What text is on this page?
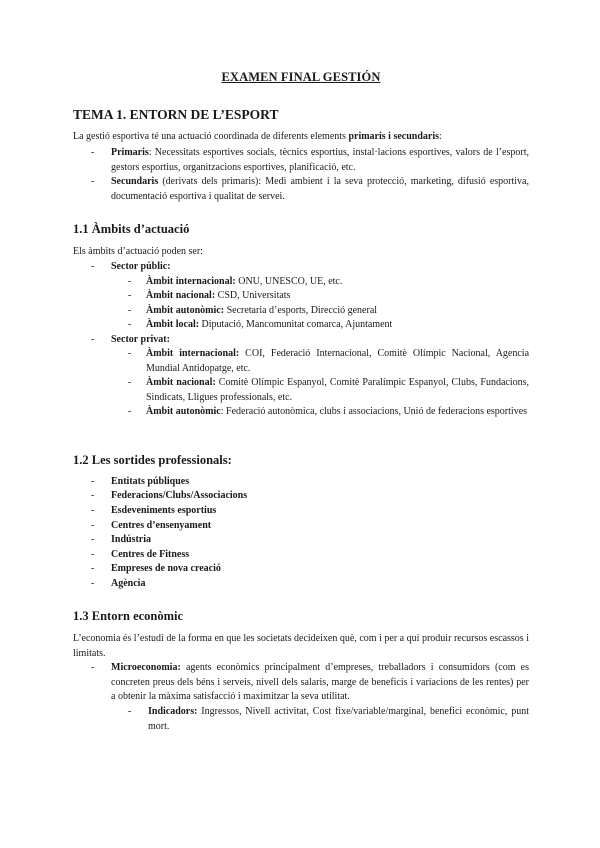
EXAMEN FINAL GESTIÓN
TEMA 1. ENTORN DE L’ESPORT
La gestió esportiva té una actuació coordinada de diferents elements primaris i secundaris:
- Primaris: Necessitats esportives socials, tècnics esportius, instal·lacions esportives, valors de l’esport, gestors esportius, organitzacions esportives, planificació, etc.
- Secundaris (derivats dels primaris): Medi ambient i la seva protecció, marketing, difusió esportiva, documentació esportiva i qualitat de servei.
1.1 Àmbits d’actuació
Els àmbits d’actuació poden ser:
- Sector públic:
- Àmbit internacional: ONU, UNESCO, UE, etc.
- Àmbit nacional: CSD, Universitats
- Àmbit autonòmic: Secretaria d’esports, Direcció general
- Àmbit local: Diputació, Mancomunitat comarca, Ajuntament
- Sector privat:
- Àmbit internacional: COI, Federació Internacional, Comitè Olímpic Nacional, Agencia Mundial Antidopatge, etc.
- Àmbit nacional: Comitè Olímpic Espanyol, Comitè Paralímpic Espanyol, Clubs, Fundacions, Sindicats, Lligues professionals, etc.
- Àmbit autonòmic: Federació autonòmica, clubs i associacions, Unió de federacions esportives
1.2 Les sortides professionals:
- Entitats públiques
- Federacions/Clubs/Associacions
- Esdeveniments esportius
- Centres d’ensenyament
- Indústria
- Centres de Fitness
- Empreses de nova creació
- Agència
1.3 Entorn econòmic
L’economia és l’estudi de la forma en que les societats decideixen què, com i per a qui produir recursos escassos i limitats.
- Microeconomia: agents econòmics principalment d’empreses, treballadors i consumidors (com es concreten preus dels béns i serveis, nivell dels salaris, marge de beneficis i variacions de les rentes) per a obtenir la màxima satisfacció i maximitzar la seva utilitat.
- Indicadors: Ingressos, Nivell activitat, Cost fixe/variable/marginal, benefici econòmic, punt mort.
